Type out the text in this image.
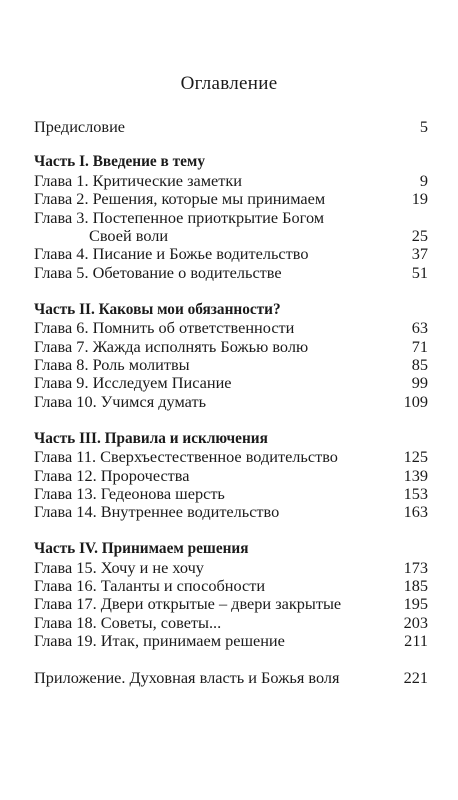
Оглавление
Предисловие	5
Часть I. Введение в тему
Глава 1. Критические заметки	9
Глава 2. Решения, которые мы принимаем	19
Глава 3. Постепенное приоткрытие Богом
Своей воли	25
Глава 4. Писание и Божье водительство	37
Глава 5. Обетование о водительстве	51
Часть II. Каковы мои обязанности?
Глава 6. Помнить об ответственности	63
Глава 7. Жажда исполнять Божью волю	71
Глава 8. Роль молитвы	85
Глава 9. Исследуем Писание	99
Глава 10. Учимся думать	109
Часть III. Правила и исключения
Глава 11. Сверхъестественное водительство	125
Глава 12. Пророчества	139
Глава 13. Гедеонова шерсть	153
Глава 14. Внутреннее водительство	163
Часть IV. Принимаем решения
Глава 15. Хочу и не хочу	173
Глава 16. Таланты и способности	185
Глава 17. Двери открытые – двери закрытые	195
Глава 18. Советы, советы...	203
Глава 19. Итак, принимаем решение	211
Приложение. Духовная власть и Божья воля	221
